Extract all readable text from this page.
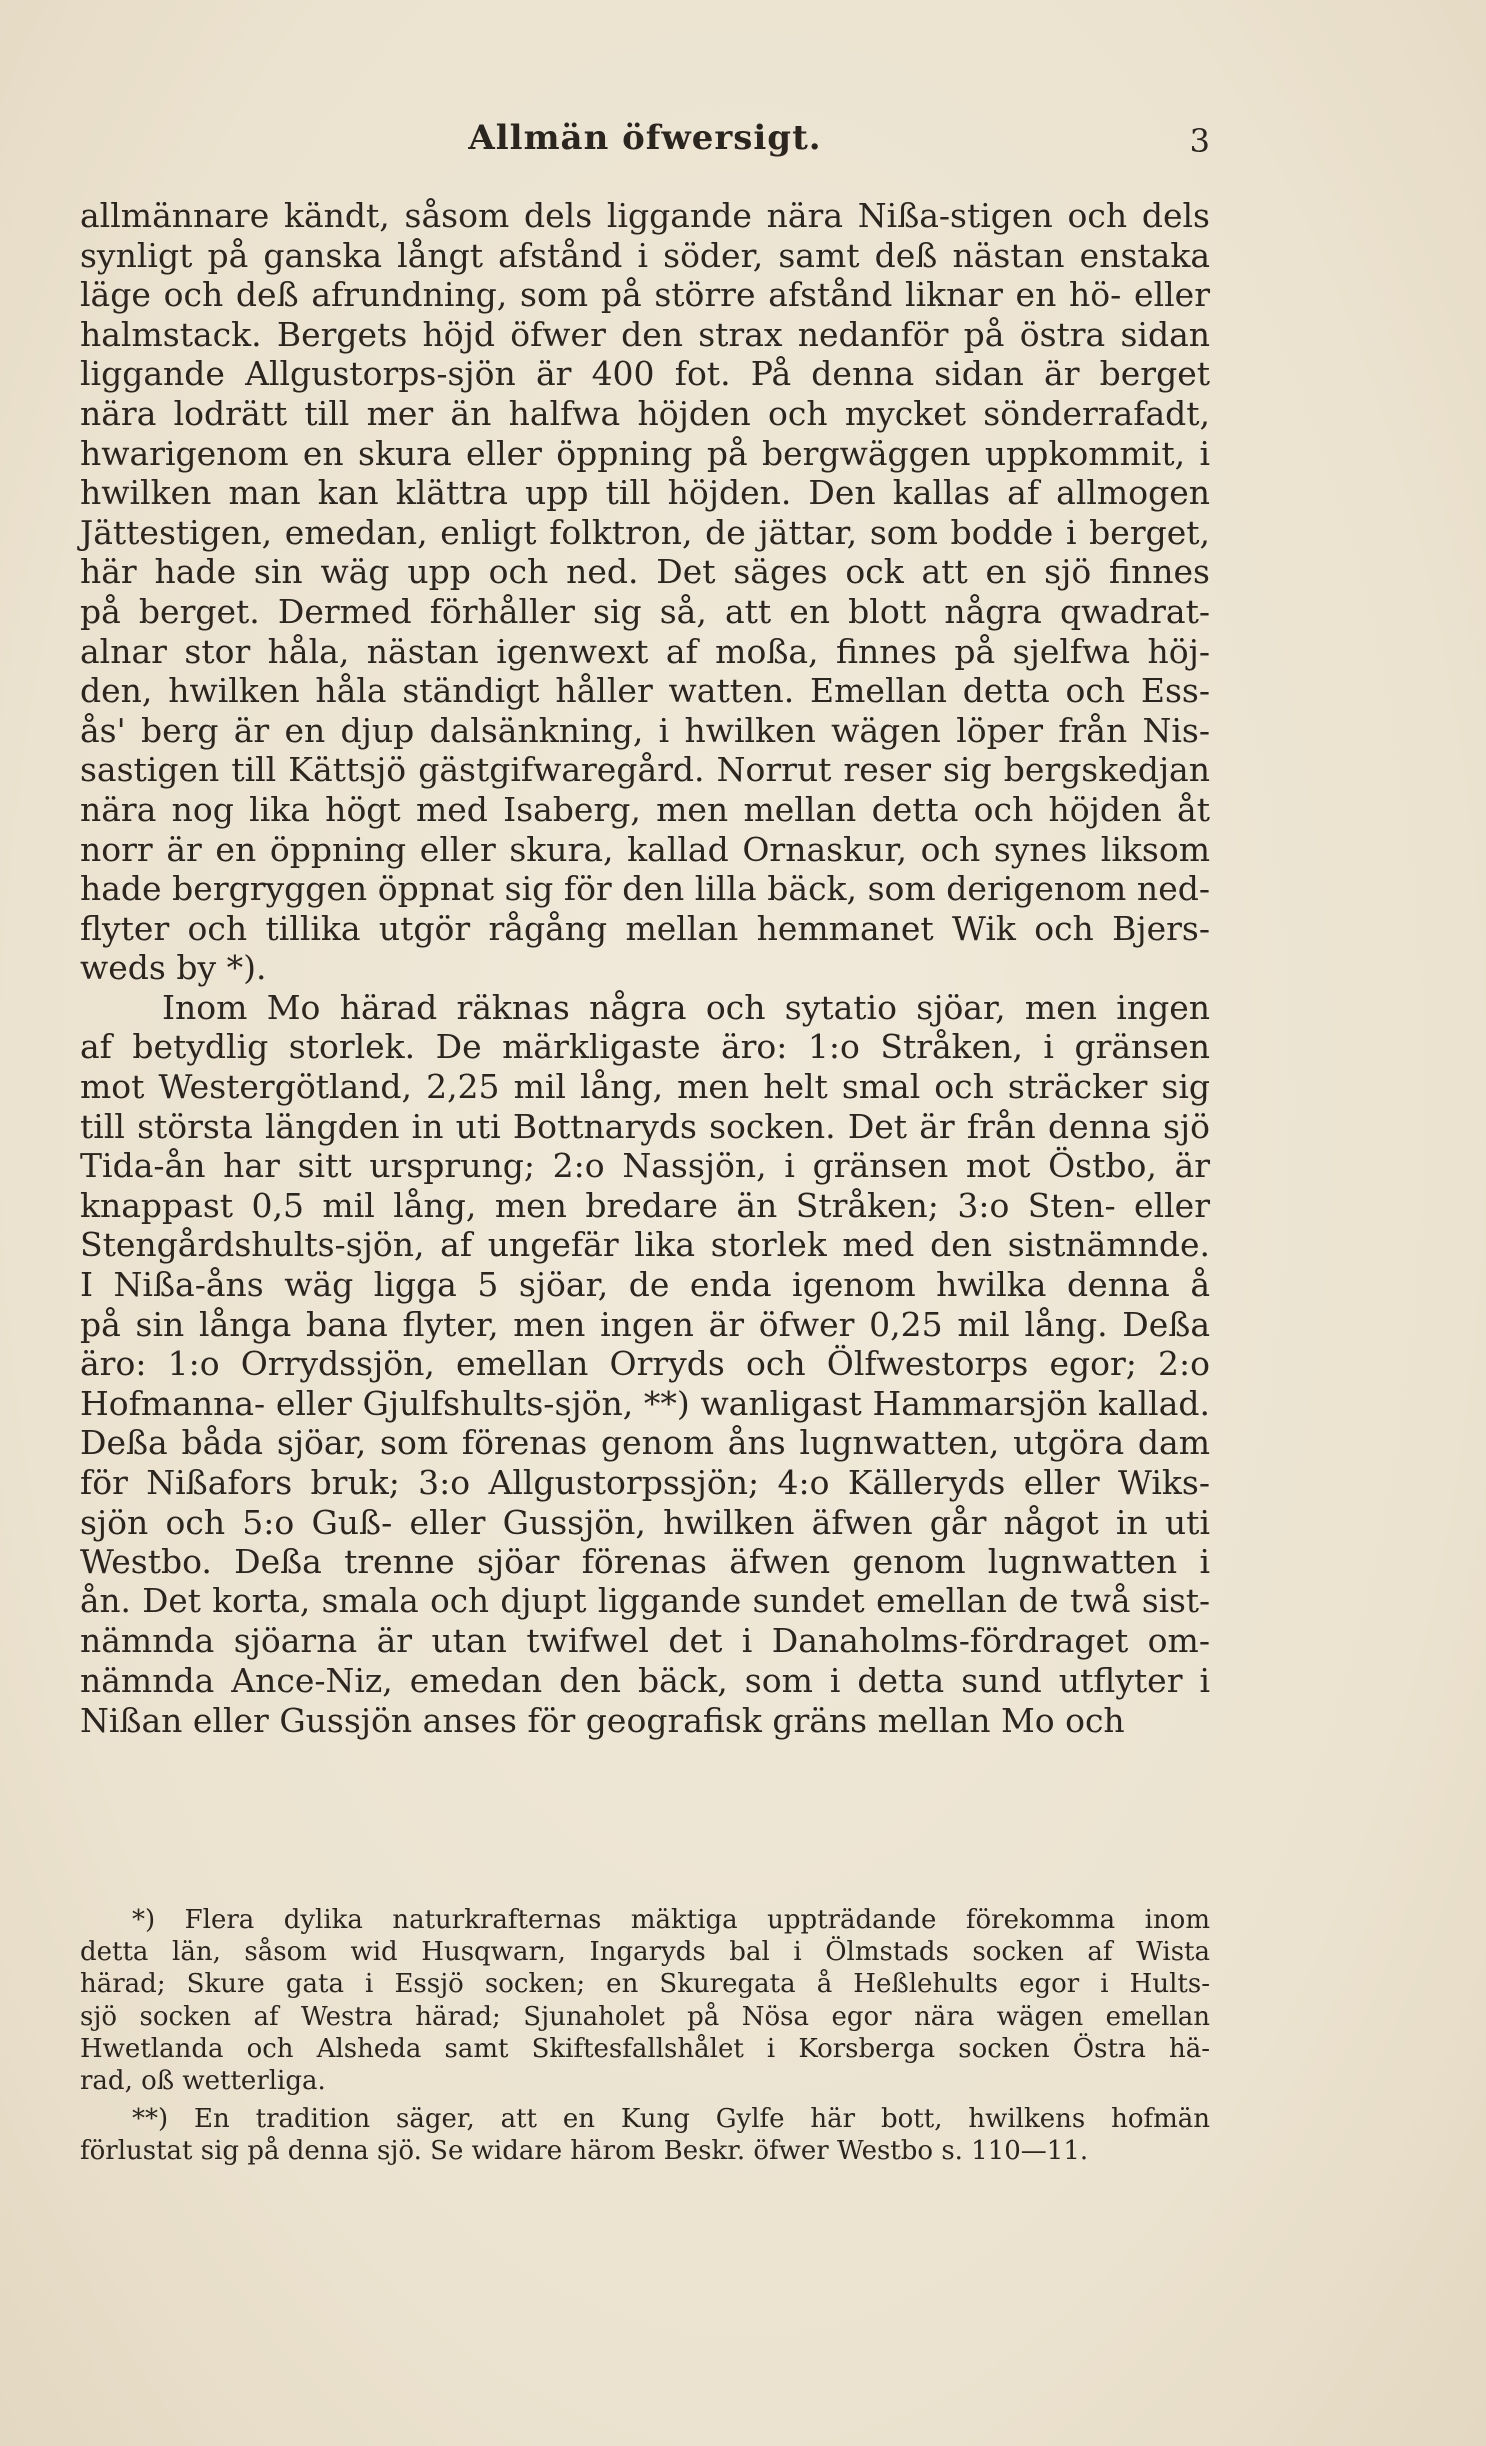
Allmän öfwersigt.	3
allmännare kändt, såsom dels liggande nära Nißa-stigen och dels
synligt på ganska långt afstånd i söder, samt deß nästan enstaka
läge och deß afrundning, som på större afstånd liknar en hö- eller
halmstack. Bergets höjd öfwer den strax nedanför på östra sidan
liggande Allgustorps-sjön är 400 fot. På denna sidan är berget
nära lodrätt till mer än halfwa höjden och mycket sönderrafadt,
hwarigenom en skura eller öppning på bergwäggen uppkommit, i
hwilken man kan klättra upp till höjden. Den kallas af allmogen
Jättestigen, emedan, enligt folktron, de jättar, som bodde i berget,
här hade sin wäg upp och ned. Det säges ock att en sjö finnes
på berget. Dermed förhåller sig så, att en blott några qwadrat-
alnar stor håla, nästan igenwext af moßa, finnes på sjelfwa höj-
den, hwilken håla ständigt håller watten. Emellan detta och Ess-
ås' berg är en djup dalsänkning, i hwilken wägen löper från Nis-
sastigen till Kättsjö gästgifwaregård. Norrut reser sig bergskedjan
nära nog lika högt med Isaberg, men mellan detta och höjden åt
norr är en öppning eller skura, kallad Ornaskur, och synes liksom
hade bergryggen öppnat sig för den lilla bäck, som derigenom ned-
flyter och tillika utgör rågång mellan hemmanet Wik och Bjers-
weds by *).
Inom Mo härad räknas några och sytatio sjöar, men ingen
af betydlig storlek. De märkligaste äro: 1:o Stråken, i gränsen
mot Westergötland, 2,25 mil lång, men helt smal och sträcker sig
till största längden in uti Bottnaryds socken. Det är från denna sjö
Tida-ån har sitt ursprung; 2:o Nassjön, i gränsen mot Östbo, är
knappast 0,5 mil lång, men bredare än Stråken; 3:o Sten- eller
Stengårdshults-sjön, af ungefär lika storlek med den sistnämnde.
I Nißa-åns wäg ligga 5 sjöar, de enda igenom hwilka denna å
på sin långa bana flyter, men ingen är öfwer 0,25 mil lång. Deßa
äro: 1:o Orrydssjön, emellan Orryds och Ölfwestorps egor; 2:o
Hofmanna- eller Gjulfshults-sjön, **) wanligast Hammarsjön kallad.
Deßa båda sjöar, som förenas genom åns lugnwatten, utgöra dam
för Nißafors bruk; 3:o Allgustorpssjön; 4:o Källeryds eller Wiks-
sjön och 5:o Guß- eller Gussjön, hwilken äfwen går något in uti
Westbo. Deßa trenne sjöar förenas äfwen genom lugnwatten i
ån. Det korta, smala och djupt liggande sundet emellan de twå sist-
nämnda sjöarna är utan twifwel det i Danaholms-fördraget om-
nämnda Ance-Niz, emedan den bäck, som i detta sund utflyter i
Nißan eller Gussjön anses för geografisk gräns mellan Mo och
*) Flera dylika naturkrafternas mäktiga uppträdande förekomma inom
detta län, såsom wid Husqwarn, Ingaryds bal i Ölmstads socken af Wista
härad; Skure gata i Essjö socken; en Skuregata å Heßlehults egor i Hults-
sjö socken af Westra härad; Sjunaholet på Nösa egor nära wägen emellan
Hwetlanda och Alsheda samt Skiftesfallshålet i Korsberga socken Östra hä-
rad, oß wetterliga.
**) En tradition säger, att en Kung Gylfe här bott, hwilkens hofmän
förlustat sig på denna sjö. Se widare härom Beskr. öfwer Westbo s. 110—11.
